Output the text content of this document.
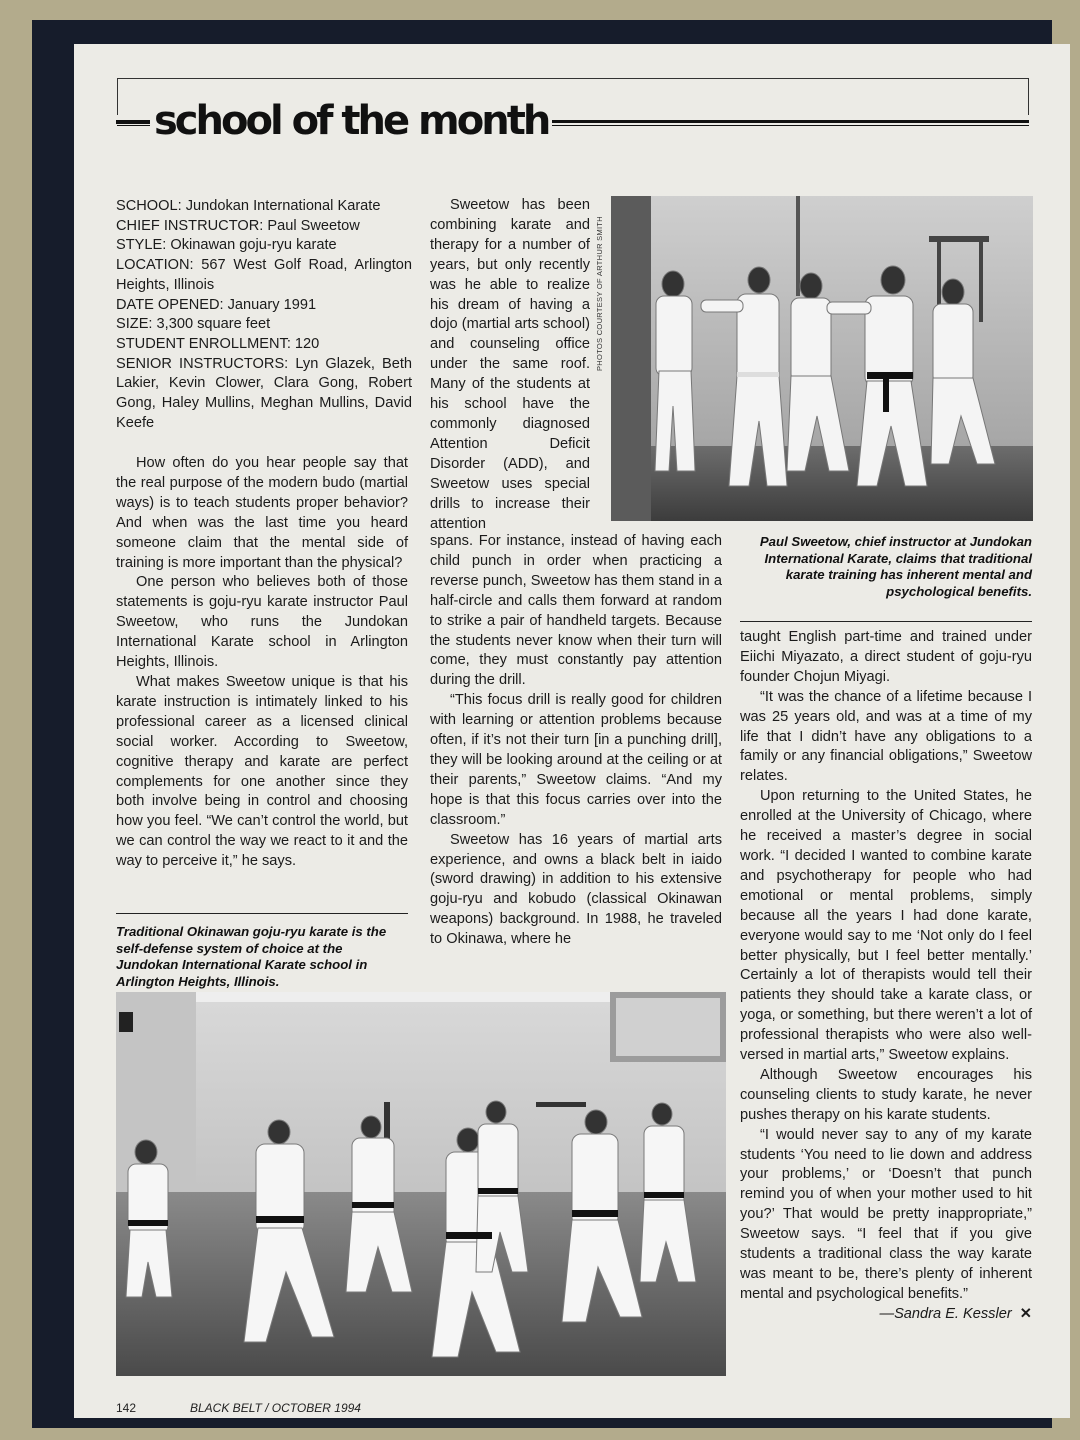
school of the month
SCHOOL: Jundokan International Karate
CHIEF INSTRUCTOR: Paul Sweetow
STYLE: Okinawan goju-ryu karate
LOCATION: 567 West Golf Road, Arlington Heights, Illinois
DATE OPENED: January 1991
SIZE: 3,300 square feet
STUDENT ENROLLMENT: 120
SENIOR INSTRUCTORS: Lyn Glazek, Beth Lakier, Kevin Clower, Clara Gong, Robert Gong, Haley Mullins, Meghan Mullins, David Keefe

How often do you hear people say that the real purpose of the modern budo (martial ways) is to teach students proper behavior? And when was the last time you heard someone claim that the mental side of training is more important than the physical?

One person who believes both of those statements is goju-ryu karate instructor Paul Sweetow, who runs the Jundokan International Karate school in Arlington Heights, Illinois.

What makes Sweetow unique is that his karate instruction is intimately linked to his professional career as a licensed clinical social worker. According to Sweetow, cognitive therapy and karate are perfect complements for one another since they both involve being in control and choosing how you feel. “We can’t control the world, but we can control the way we react to it and the way to perceive it,” he says.

Traditional Okinawan goju-ryu karate is the self-defense system of choice at the Jundokan International Karate school in Arlington Heights, Illinois.

Sweetow has been combining karate and therapy for a number of years, but only recently was he able to realize his dream of having a dojo (martial arts school) and counseling office under the same roof. Many of the students at his school have the commonly diagnosed Attention Deficit Disorder (ADD), and Sweetow uses special drills to increase their attention

PHOTOS COURTESY OF ARTHUR SMITH
Paul Sweetow, chief instructor at Jundokan International Karate, claims that traditional karate training has inherent mental and psychological benefits.

spans. For instance, instead of having each child punch in order when practicing a reverse punch, Sweetow has them stand in a half-circle and calls them forward at random to strike a pair of handheld targets. Because the students never know when their turn will come, they must constantly pay attention during the drill.

“This focus drill is really good for children with learning or attention problems because often, if it’s not their turn [in a punching drill], they will be looking around at the ceiling or at their parents,” Sweetow claims. “And my hope is that this focus carries over into the classroom.”

Sweetow has 16 years of martial arts experience, and owns a black belt in iaido (sword drawing) in addition to his extensive goju-ryu and kobudo (classical Okinawan weapons) background. In 1988, he traveled to Okinawa, where he

taught English part-time and trained under Eiichi Miyazato, a direct student of goju-ryu founder Chojun Miyagi.

“It was the chance of a lifetime because I was 25 years old, and was at a time of my life that I didn’t have any obligations to a family or any financial obligations,” Sweetow relates.

Upon returning to the United States, he enrolled at the University of Chicago, where he received a master’s degree in social work. “I decided I wanted to combine karate and psychotherapy for people who had emotional or mental problems, simply because all the years I had done karate, everyone would say to me ‘Not only do I feel better physically, but I feel better mentally.’ Certainly a lot of therapists would tell their patients they should take a karate class, or yoga, or something, but there weren’t a lot of professional therapists who were also well-versed in martial arts,” Sweetow explains.

Although Sweetow encourages his counseling clients to study karate, he never pushes therapy on his karate students.

“I would never say to any of my karate students ‘You need to lie down and address your problems,’ or ‘Doesn’t that punch remind you of when your mother used to hit you?’ That would be pretty inappropriate,” Sweetow says. “I feel that if you give students a traditional class the way karate was meant to be, there’s plenty of inherent mental and psychological benefits.”

—Sandra E. Kessler ✕
142	BLACK BELT / OCTOBER 1994
